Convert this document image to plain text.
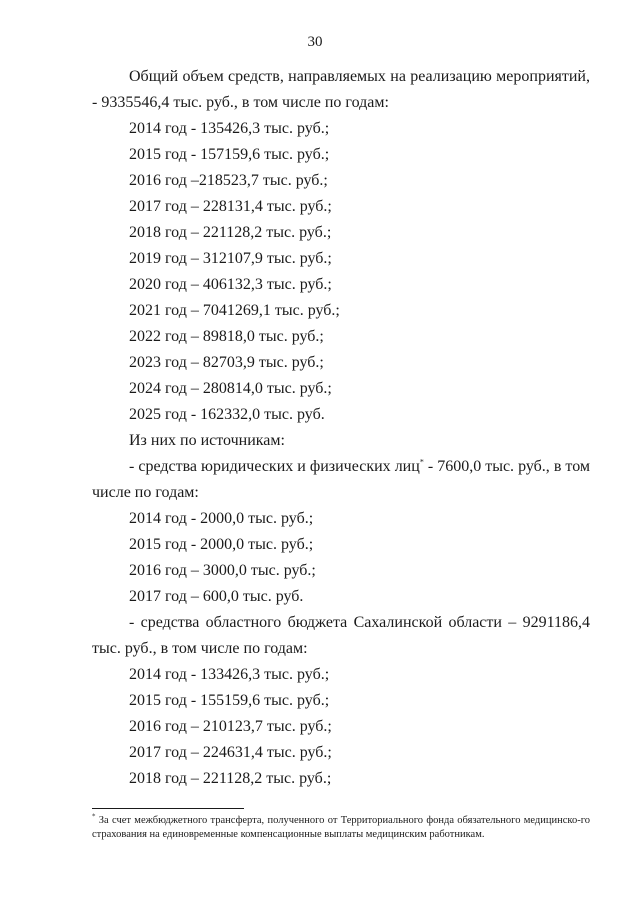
30

Общий объем средств, направляемых на реализацию мероприятий, - 9335546,4 тыс. руб., в том числе по годам:

2014 год - 135426,3 тыс. руб.;

2015 год - 157159,6 тыс. руб.;

2016 год –218523,7 тыс. руб.;

2017 год – 228131,4 тыс. руб.;

2018 год – 221128,2 тыс. руб.;

2019 год – 312107,9 тыс. руб.;

2020 год – 406132,3 тыс. руб.;

2021 год – 7041269,1 тыс. руб.;

2022 год – 89818,0 тыс. руб.;

2023 год – 82703,9 тыс. руб.;

2024 год – 280814,0 тыс. руб.;

2025 год - 162332,0 тыс. руб.

Из них по источникам:

- средства юридических и физических лиц* - 7600,0 тыс. руб., в том числе по годам:

2014 год - 2000,0 тыс. руб.;

2015 год - 2000,0 тыс. руб.;

2016 год – 3000,0 тыс. руб.;

2017 год – 600,0 тыс. руб.

- средства областного бюджета Сахалинской области – 9291186,4 тыс. руб., в том числе по годам:

2014 год - 133426,3 тыс. руб.;

2015 год - 155159,6 тыс. руб.;

2016 год – 210123,7 тыс. руб.;

2017 год – 224631,4 тыс. руб.;

2018 год – 221128,2 тыс. руб.;

* За счет межбюджетного трансферта, полученного от Территориального фонда обязательного медицинско-го страхования на единовременные компенсационные выплаты медицинским работникам.
